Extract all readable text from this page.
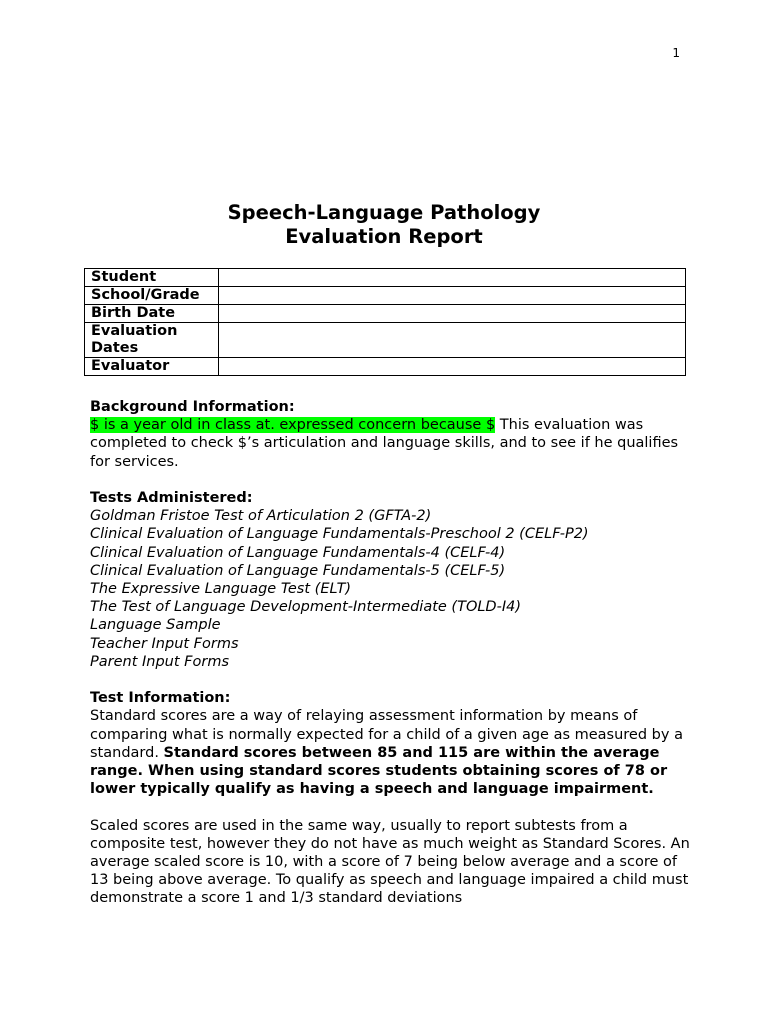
1
Speech-Language Pathology
Evaluation Report
Student	
School/Grade	
Birth Date	
Evaluation Dates	
Evaluator	

Background Information:

$ is a year old in class at. expressed concern because $ This evaluation was completed to check $’s articulation and language skills, and to see if he qualifies for services.

Tests Administered:

Goldman Fristoe Test of Articulation 2 (GFTA-2)

Clinical Evaluation of Language Fundamentals-Preschool 2 (CELF-P2)

Clinical Evaluation of Language Fundamentals-4 (CELF-4)

Clinical Evaluation of Language Fundamentals-5 (CELF-5)

The Expressive Language Test (ELT)

The Test of Language Development-Intermediate (TOLD-I4)

Language Sample

Teacher Input Forms

Parent Input Forms

Test Information:

Standard scores are a way of relaying assessment information by means of comparing what is normally expected for a child of a given age as measured by a standard. Standard scores between 85 and 115 are within the average range. When using standard scores students obtaining scores of 78 or lower typically qualify as having a speech and language impairment.

Scaled scores are used in the same way, usually to report subtests from a composite test, however they do not have as much weight as Standard Scores. An average scaled score is 10, with a score of 7 being below average and a score of 13 being above average. To qualify as speech and language impaired a child must demonstrate a score 1 and 1/3 standard deviations
